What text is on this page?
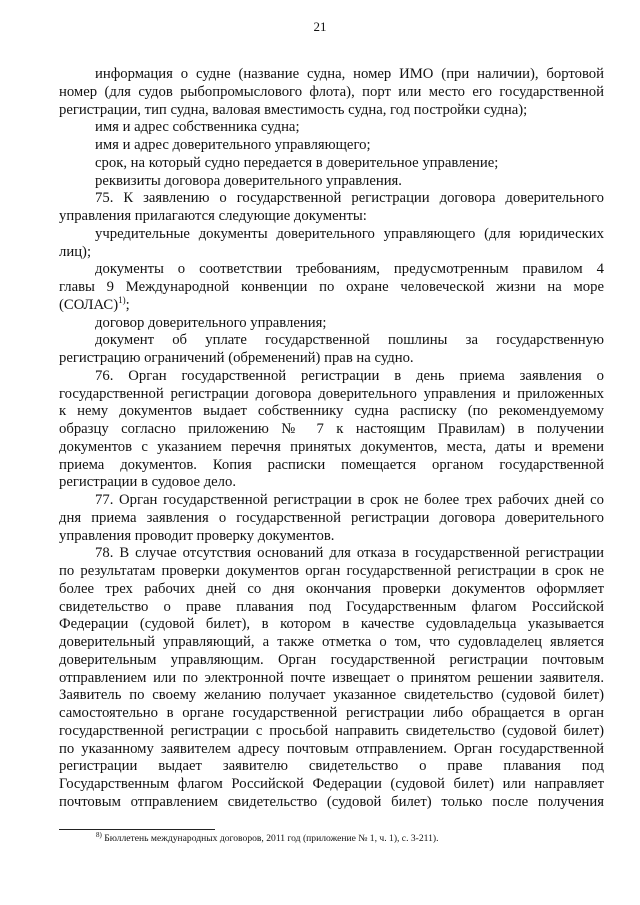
21
информация о судне (название судна, номер ИМО (при наличии), бортовой
номер (для судов рыбопромыслового флота), порт или место его государственной
регистрации, тип судна, валовая вместимость судна, год постройки судна);
имя и адрес собственника судна;
имя и адрес доверительного управляющего;
срок, на который судно передается в доверительное управление;
реквизиты договора доверительного управления.
75. К заявлению о государственной регистрации договора доверительного
управления прилагаются следующие документы:
учредительные документы доверительного управляющего (для юридических
лиц);
документы о соответствии требованиям, предусмотренным правилом 4
главы 9 Международной конвенции по охране человеческой жизни на море
(СОЛАС)$^{1)}$;
договор доверительного управления;
документ об уплате государственной пошлины за государственную
регистрацию ограничений (обременений) прав на судно.
76. Орган государственной регистрации в день приема заявления о
государственной регистрации договора доверительного управления и приложенных
к нему документов выдает собственнику судна расписку (по рекомендуемому
образцу согласно приложению № 7 к настоящим Правилам) в получении
документов с указанием перечня принятых документов, места, даты и времени
приема документов. Копия расписки помещается органом государственной
регистрации в судовое дело.
77. Орган государственной регистрации в срок не более трех рабочих дней со
дня приема заявления о государственной регистрации договора доверительного
управления проводит проверку документов.
78. В случае отсутствия оснований для отказа в государственной регистрации
по результатам проверки документов орган государственной регистрации в срок не
более трех рабочих дней со дня окончания проверки документов оформляет
свидетельство о праве плавания под Государственным флагом Российской
Федерации (судовой билет), в котором в качестве судовладельца указывается
доверительный управляющий, а также отметка о том, что судовладелец является
доверительным управляющим. Орган государственной регистрации почтовым
отправлением или по электронной почте извещает о принятом решении заявителя.
Заявитель по своему желанию получает указанное свидетельство (судовой билет)
самостоятельно в органе государственной регистрации либо обращается в орган
государственной регистрации с просьбой направить свидетельство (судовой билет)
по указанному заявителем адресу почтовым отправлением. Орган государственной
регистрации выдает заявителю свидетельство о праве плавания под
Государственным флагом Российской Федерации (судовой билет) или направляет
почтовым отправлением свидетельство (судовой билет) только после получения
$^{8)}$ Бюллетень международных договоров, 2011 год (приложение № 1, ч. 1), с. 3-211).
